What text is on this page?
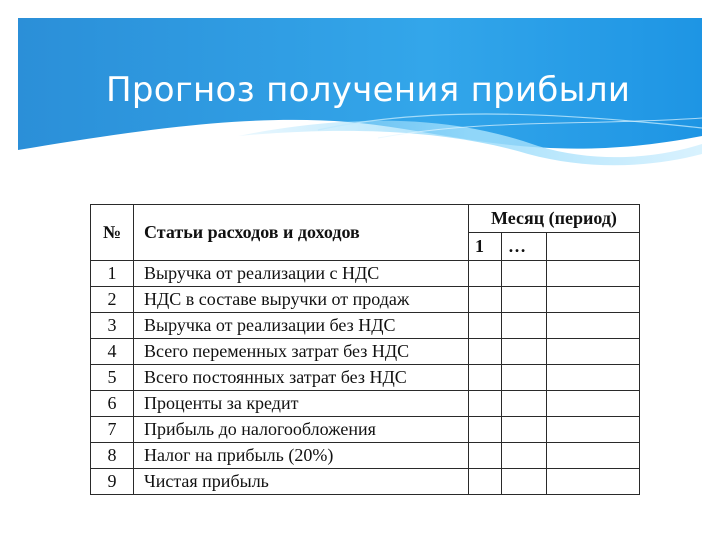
Прогноз получения прибыли
№	Статьи расходов и доходов	Месяц (период)		
		1	…	
1	Выручка от реализации с НДС			
2	НДС в составе выручки от продаж			
3	Выручка от реализации без НДС			
4	Всего переменных затрат без НДС			
5	Всего постоянных затрат без НДС			
6	Проценты за кредит			
7	Прибыль до налогообложения			
8	Налог на прибыль (20%)			
9	Чистая прибыль			
